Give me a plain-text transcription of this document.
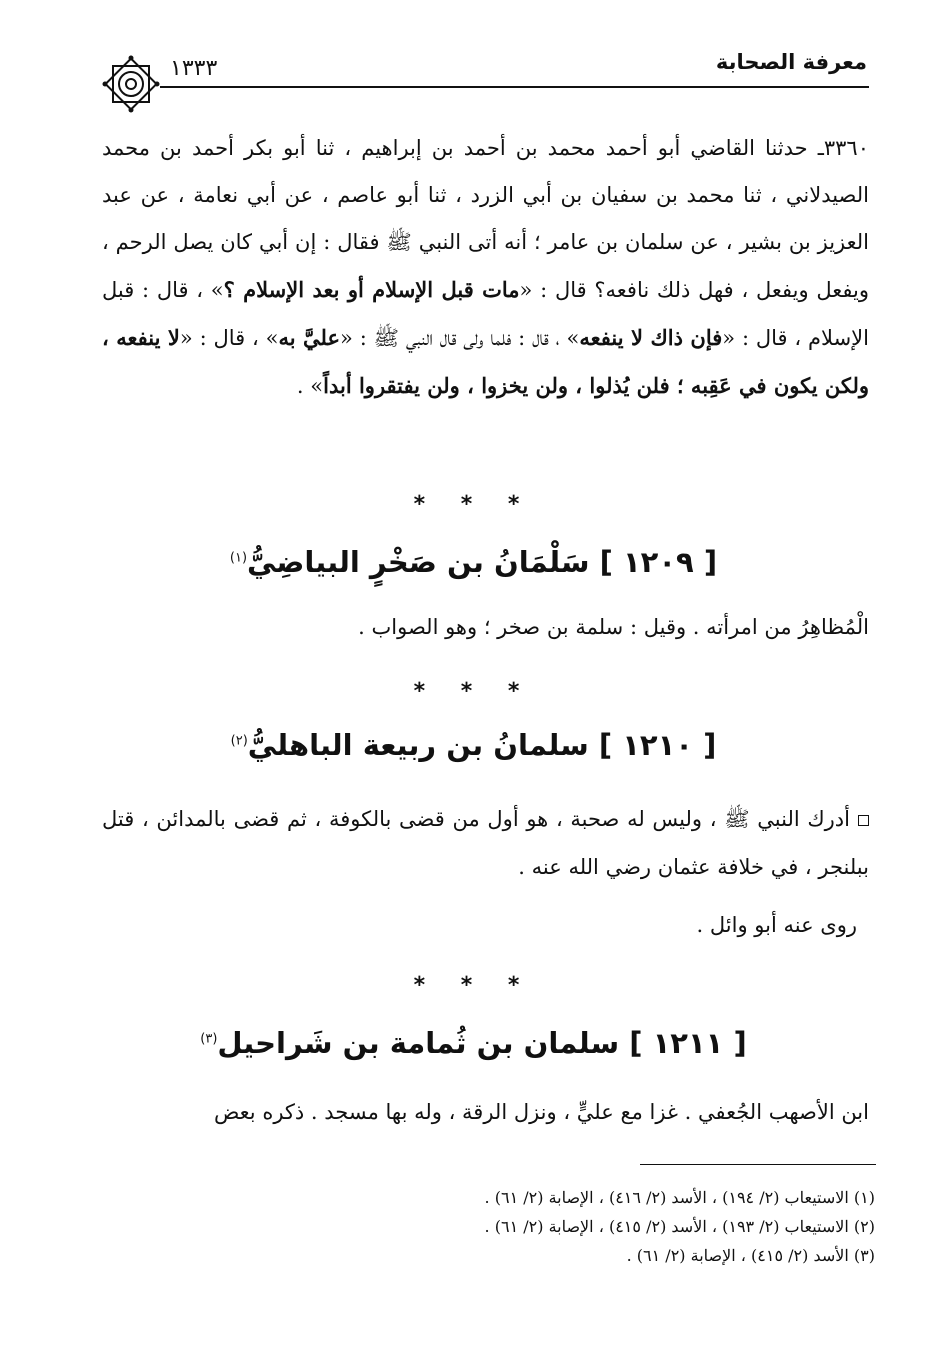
معرفة الصحابة
١٣٣٣
٣٣٦٠ـ حدثنا القاضي أبو أحمد محمد بن أحمد بن إبراهيم ، ثنا أبو بكر أحمد بن محمد الصيدلاني ، ثنا محمد بن سفيان بن أبي الزرد ، ثنا أبو عاصم ، عن أبي نعامة ، عن عبد العزيز بن بشير ، عن سلمان بن عامر ؛ أنه أتى النبي ﷺ فقال : إن أبي كان يصل الرحم ، ويفعل ويفعل ، فهل ذلك نافعه؟ قال : «مات قبل الإسلام أو بعد الإسلام ؟» ، قال : قبل الإسلام ، قال : «فإن ذاك لا ينفعه» ، قال : فلما ولى قال النبي ﷺ : «عليَّ به» ، قال : «لا ينفعه ، ولكن يكون في عَقِبه ؛ فلن يُذلوا ، ولن يخزوا ، ولن يفتقروا أبداً» .
* * *
[ ١٢٠٩ ] سَلْمَانُ بن صَخْرٍ البياضِيُّ$^{(١)}$
الْمُظاهِرُ من امرأته . وقيل : سلمة بن صخر ؛ وهو الصواب .
* * *
[ ١٢١٠ ] سلمانُ بن ربيعة الباهليُّ$^{(٢)}$
أدرك النبي ﷺ ، وليس له صحبة ، هو أول من قضى بالكوفة ، ثم قضى بالمدائن ، قتل ببلنجر ، في خلافة عثمان رضي الله عنه .
روى عنه أبو وائل .
* * *
[ ١٢١١ ] سلمان بن ثُمامة بن شَراحيل$^{(٣)}$
ابن الأصهب الجُعفي . غزا مع عليٍّ ، ونزل الرقة ، وله بها مسجد . ذكره بعض
(١) الاستيعاب (٢/ ١٩٤) ، الأسد (٢/ ٤١٦) ، الإصابة (٢/ ٦١) .
(٢) الاستيعاب (٢/ ١٩٣) ، الأسد (٢/ ٤١٥) ، الإصابة (٢/ ٦١) .
(٣) الأسد (٢/ ٤١٥) ، الإصابة (٢/ ٦١) .
